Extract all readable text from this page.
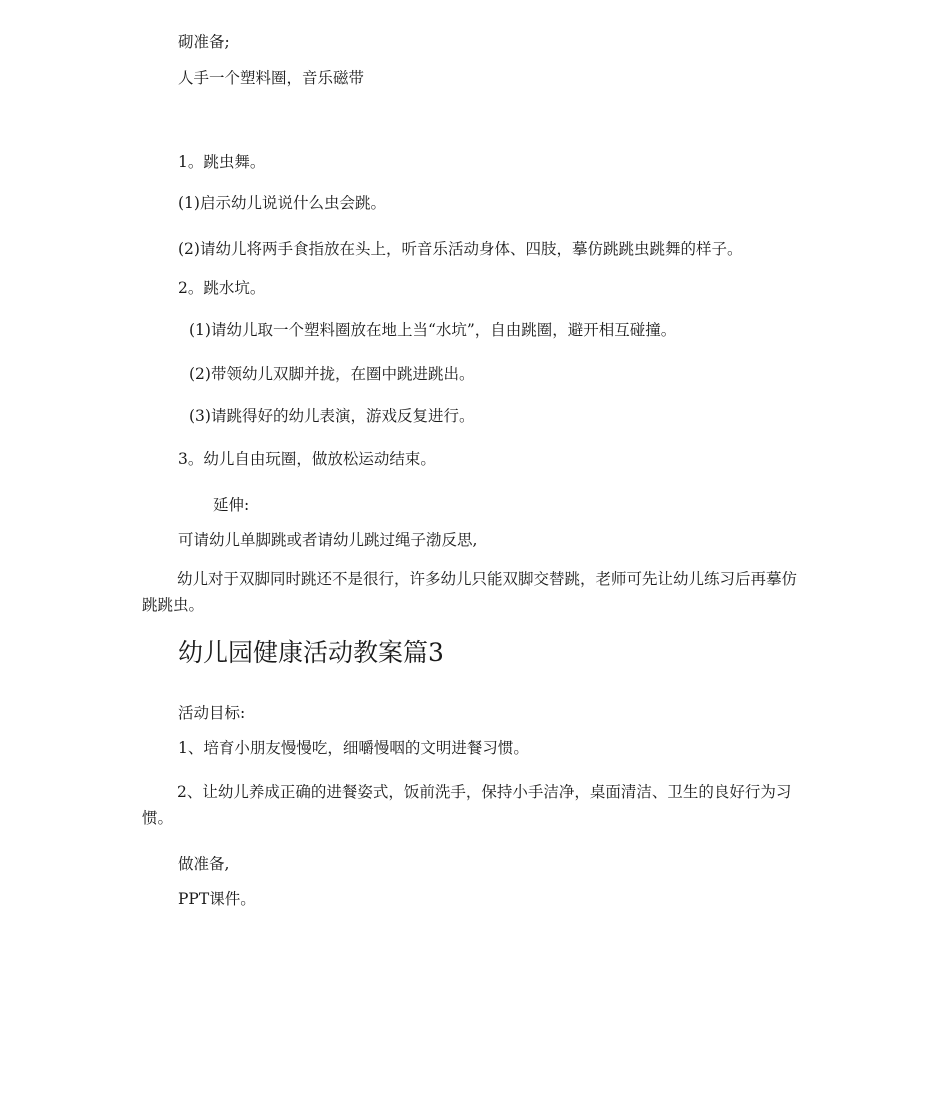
砌准备;

人手一个塑料圈，音乐磁带

1。跳虫舞。

(1)启示幼儿说说什么虫会跳。

(2)请幼儿将两手食指放在头上，听音乐活动身体、四肢，摹仿跳跳虫跳舞的样子。

2。跳水坑。

(1)请幼儿取一个塑料圈放在地上当“水坑”，自由跳圈，避开相互碰撞。

(2)带领幼儿双脚并拢，在圈中跳进跳出。

(3)请跳得好的幼儿表演，游戏反复进行。

3。幼儿自由玩圈，做放松运动结束。

延伸:

可请幼儿单脚跳或者请幼儿跳过绳子渤反思,

幼儿对于双脚同时跳还不是很行，许多幼儿只能双脚交替跳，老师可先让幼儿练习后再摹仿跳跳虫。

幼儿园健康活动教案篇3

活动目标:

1、培育小朋友慢慢吃，细嚼慢咽的文明进餐习惯。

2、让幼儿养成正确的进餐姿式，饭前洗手，保持小手洁净，桌面清洁、卫生的良好行为习惯。

做准备,

PPT课件。
